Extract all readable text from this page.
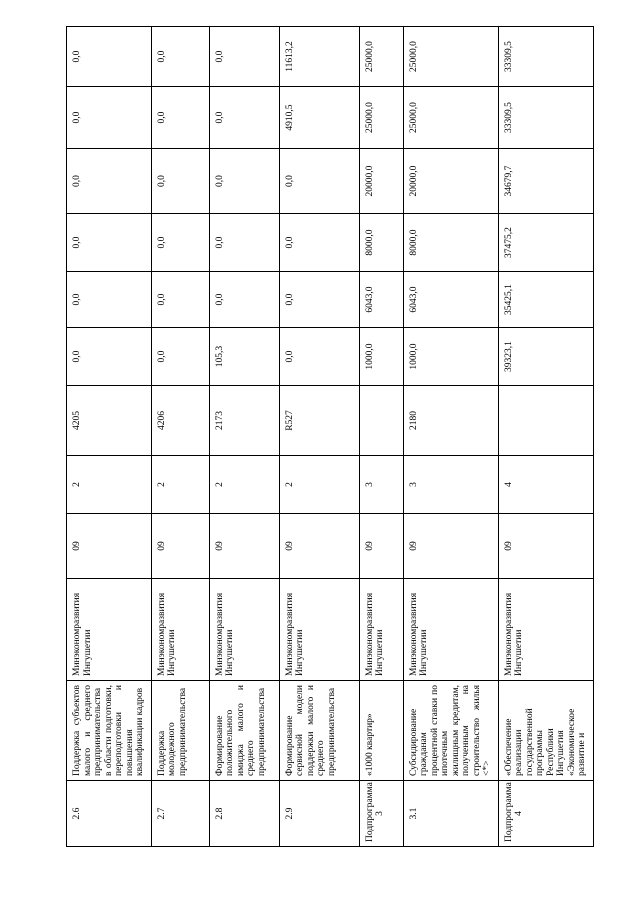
2.6	Поддержка субъектов малого и среднего предпринимательства в области подготовки, переподготовки и повышения квалификации кадров	Минэкономразвития Ингушетии	09	2	4205	0,0	0,0	0,0	0,0	0,0	0,0
2.7	Поддержка молодежного предпринимательства	Минэкономразвития Ингушетии	09	2	4206	0,0	0,0	0,0	0,0	0,0	0,0
2.8	Формирование положительного имиджа малого и среднего предпринимательства	Минэкономразвития Ингушетии	09	2	2173	105,3	0,0	0,0	0,0	0,0	0,0
2.9	Формирование сервисной модели поддержки малого и среднего предпринимательства	Минэкономразвития Ингушетии	09	2	R527	0,0	0,0	0,0	0,0	4910,5	11613,2
Подпрограмма 3	«1000 квартир»	Минэкономразвития Ингушетии	09	3		1000,0	6043,0	8000,0	20000,0	25000,0	25000,0
3.1	Субсидирование гражданам процентной ставки по ипотечным жилищным кредитам, полученным на строительство жилья <*>	Минэкономразвития Ингушетии	09	3	2180	1000,0	6043,0	8000,0	20000,0	25000,0	25000,0
Подпрограмма 4	«Обеспечение реализации государственной программы Республики Ингушетия «Экономическое развитие и	Минэкономразвития Ингушетии	09	4		39323,1	35425,1	37475,2	34679,7	33309,5	33309,5
